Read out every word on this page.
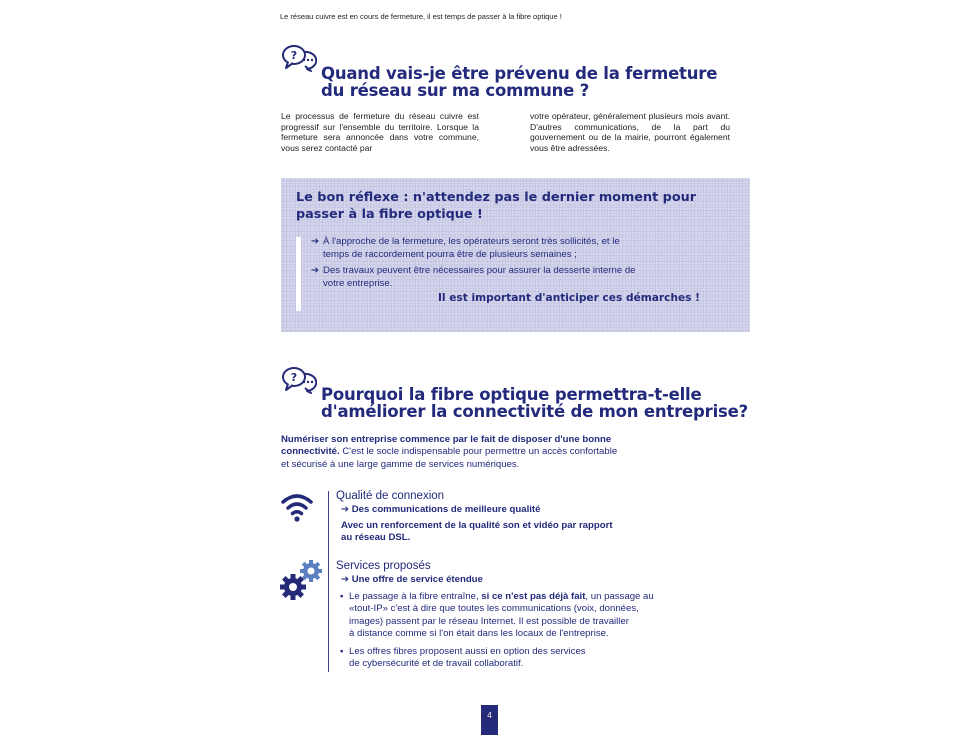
Le réseau cuivre est en cours de fermeture, il est temps de passer à la fibre optique !
?
Quand vais-je être prévenu de la fermeture
du réseau sur ma commune ?

Le processus de fermeture du réseau cuivre est progressif sur l'ensemble du territoire. Lorsque la fermeture sera annoncée dans votre commune, vous serez contacté par

votre opérateur, généralement plusieurs mois avant. D'autres communications, de la part du gouvernement ou de la mairie, pourront également vous être adressées.

Le bon réflexe : n'attendez pas le dernier moment pour
passer à la fibre optique !
➔ À l'approche de la fermeture, les opérateurs seront très sollicités, et le
temps de raccordement pourra être de plusieurs semaines ;
➔ Des travaux peuvent être nécessaires pour assurer la desserte interne de
votre entreprise.
Il est important d'anticiper ces démarches !
?
Pourquoi la fibre optique permettra-t-elle
d'améliorer la connectivité de mon entreprise?
Numériser son entreprise commence par le fait de disposer d'une bonne
connectivité. C'est le socle indispensable pour permettre un accès confortable
et sécurisé à une large gamme de services numériques.
Qualité de connexion
➔ Des communications de meilleure qualité
Avec un renforcement de la qualité son et vidéo par rapport
au réseau DSL.
Services proposés
➔ Une offre de service étendue
▪ Le passage à la fibre entraîne, si ce n'est pas déjà fait, un passage au
«tout-IP» c'est à dire que toutes les communications (voix, données,
images) passent par le réseau Internet. Il est possible de travailler
à distance comme si l'on était dans les locaux de l'entreprise.
▪ Les offres fibres proposent aussi en option des services
de cybersécurité et de travail collaboratif.
4
